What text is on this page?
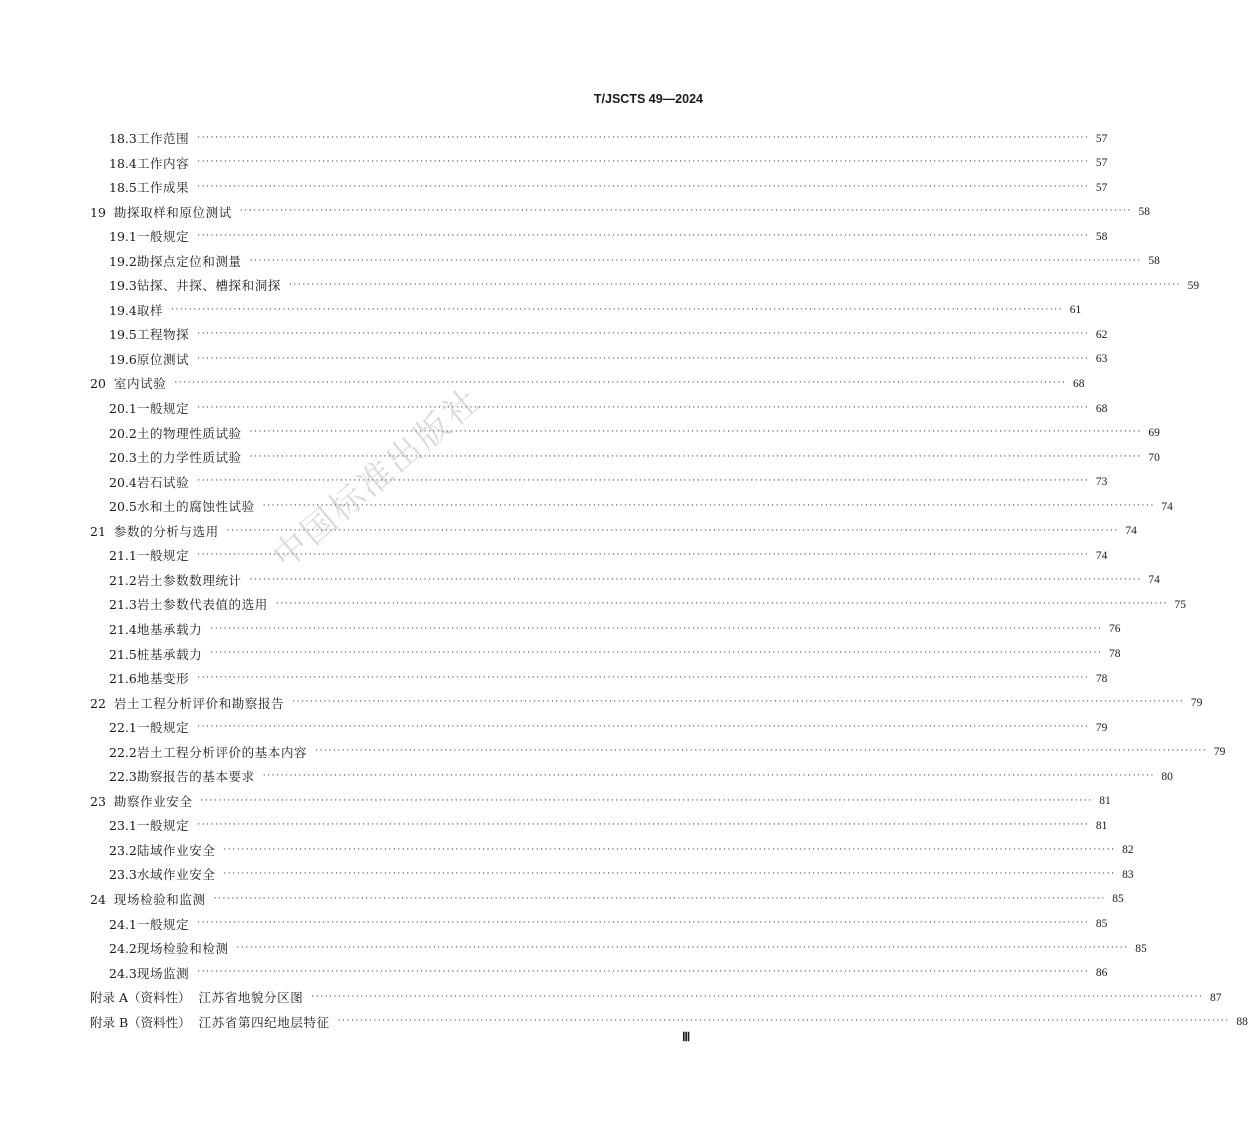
T/JSCTS 49—2024
18.3 工作范围 ········································································································································································································ 57
18.4 工作内容 ········································································································································································································ 57
18.5 工作成果 ········································································································································································································ 57
19 勘探取样和原位测试 ········································································································································································································ 58
19.1 一般规定 ········································································································································································································ 58
19.2 勘探点定位和测量 ········································································································································································································ 58
19.3 钻探、井探、槽探和洞探 ········································································································································································································ 59
19.4 取样 ········································································································································································································ 61
19.5 工程物探 ········································································································································································································ 62
19.6 原位测试 ········································································································································································································ 63
20 室内试验 ········································································································································································································ 68
20.1 一般规定 ········································································································································································································ 68
20.2 土的物理性质试验 ········································································································································································································ 69
20.3 土的力学性质试验 ········································································································································································································ 70
20.4 岩石试验 ········································································································································································································ 73
20.5 水和土的腐蚀性试验 ········································································································································································································ 74
21 参数的分析与选用 ········································································································································································································ 74
21.1 一般规定 ········································································································································································································ 74
21.2 岩土参数数理统计 ········································································································································································································ 74
21.3 岩土参数代表值的选用 ········································································································································································································ 75
21.4 地基承载力 ········································································································································································································ 76
21.5 桩基承载力 ········································································································································································································ 78
21.6 地基变形 ········································································································································································································ 78
22 岩土工程分析评价和勘察报告 ········································································································································································································ 79
22.1 一般规定 ········································································································································································································ 79
22.2 岩土工程分析评价的基本内容 ········································································································································································································ 79
22.3 勘察报告的基本要求 ········································································································································································································ 80
23 勘察作业安全 ········································································································································································································ 81
23.1 一般规定 ········································································································································································································ 81
23.2 陆域作业安全 ········································································································································································································ 82
23.3 水域作业安全 ········································································································································································································ 83
24 现场检验和监测 ········································································································································································································ 85
24.1 一般规定 ········································································································································································································ 85
24.2 现场检验和检测 ········································································································································································································ 85
24.3 现场监测 ········································································································································································································ 86
附录 A（资料性） 江苏省地貌分区图 ········································································································································································································ 87
附录 B（资料性） 江苏省第四纪地层特征 ········································································································································································································ 88
中国标准出版社
Ⅲ
